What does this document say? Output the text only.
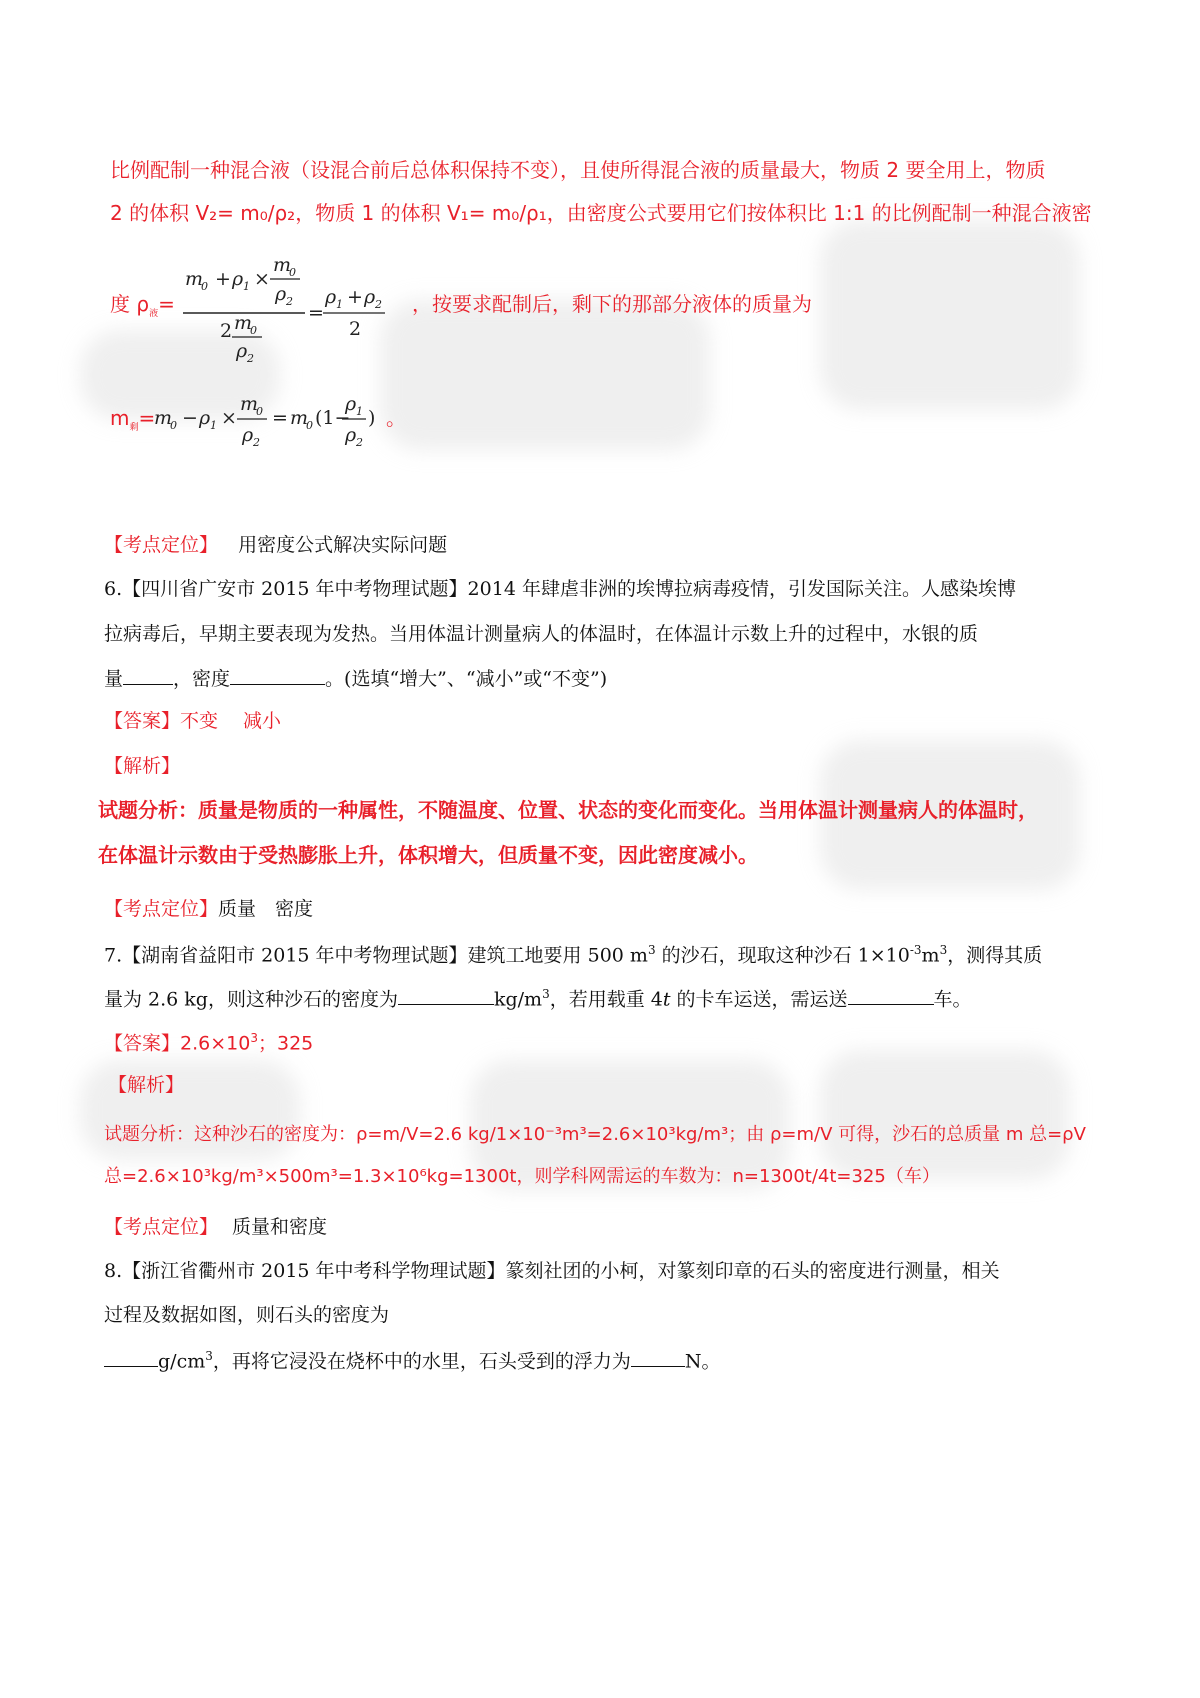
比例配制一种混合液（设混合前后总体积保持不变），且使所得混合液的质量最大，物质 2 要全用上，物质
2 的体积 V₂= m₀/ρ₂，物质 1 的体积 V₁= m₀/ρ₁，由密度公式要用它们按体积比 1:1 的比例配制一种混合液密
度 $\rho_液=$
m
0 + ρ 1 ×
m
0
ρ 2
2 m
0
ρ 2
=
ρ 1 + ρ 2
2
，按要求配制后，剩下的那部分液体的质量为
$m_剩=$
m
0 − ρ 1 ×
m
0
ρ 2
= m
0 (1−
ρ 1
ρ 2
) 。
【考点定位】 用密度公式解决实际问题
6.【四川省广安市 2015 年中考物理试题】2014 年肆虐非洲的埃博拉病毒疫情，引发国际关注。人感染埃博
拉病毒后，早期主要表现为发热。当用体温计测量病人的体温时，在体温计示数上升的过程中，水银的质
量	，密度	。(选填“增大”、“减小”或“不变”)
【答案】不变　 减小
【解析】
试题分析：质量是物质的一种属性，不随温度、位置、状态的变化而变化。当用体温计测量病人的体温时，
在体温计示数由于受热膨胀上升，体积增大，但质量不变，因此密度减小。
【考点定位】质量　密度
7.【湖南省益阳市 2015 年中考物理试题】建筑工地要用 500 $m^3$ 的沙石，现取这种沙石 $1\times 10^{-3}m^3$，测得其质
量为 2.6 kg，则这种沙石的密度为	$kg/m^3$，若用载重 4t 的卡车运送，需运送	车。
【答案】$2.6\times 10^3$；325
【解析】
试题分析：这种沙石的密度为：ρ=m/V=2.6 kg/1×10⁻³m³=2.6×10³kg/m³；由 ρ=m/V 可得，沙石的总质量 m 总=ρV
总=2.6×10³kg/m³×500m³=1.3×10⁶kg=1300t，则学科网需运的车数为：n=1300t/4t=325（车）
【考点定位】 质量和密度
8.【浙江省衢州市 2015 年中考科学物理试题】篆刻社团的小柯，对篆刻印章的石头的密度进行测量，相关
过程及数据如图，则石头的密度为
$g/cm^3$，再将它浸没在烧杯中的水里，石头受到的浮力为	N。
